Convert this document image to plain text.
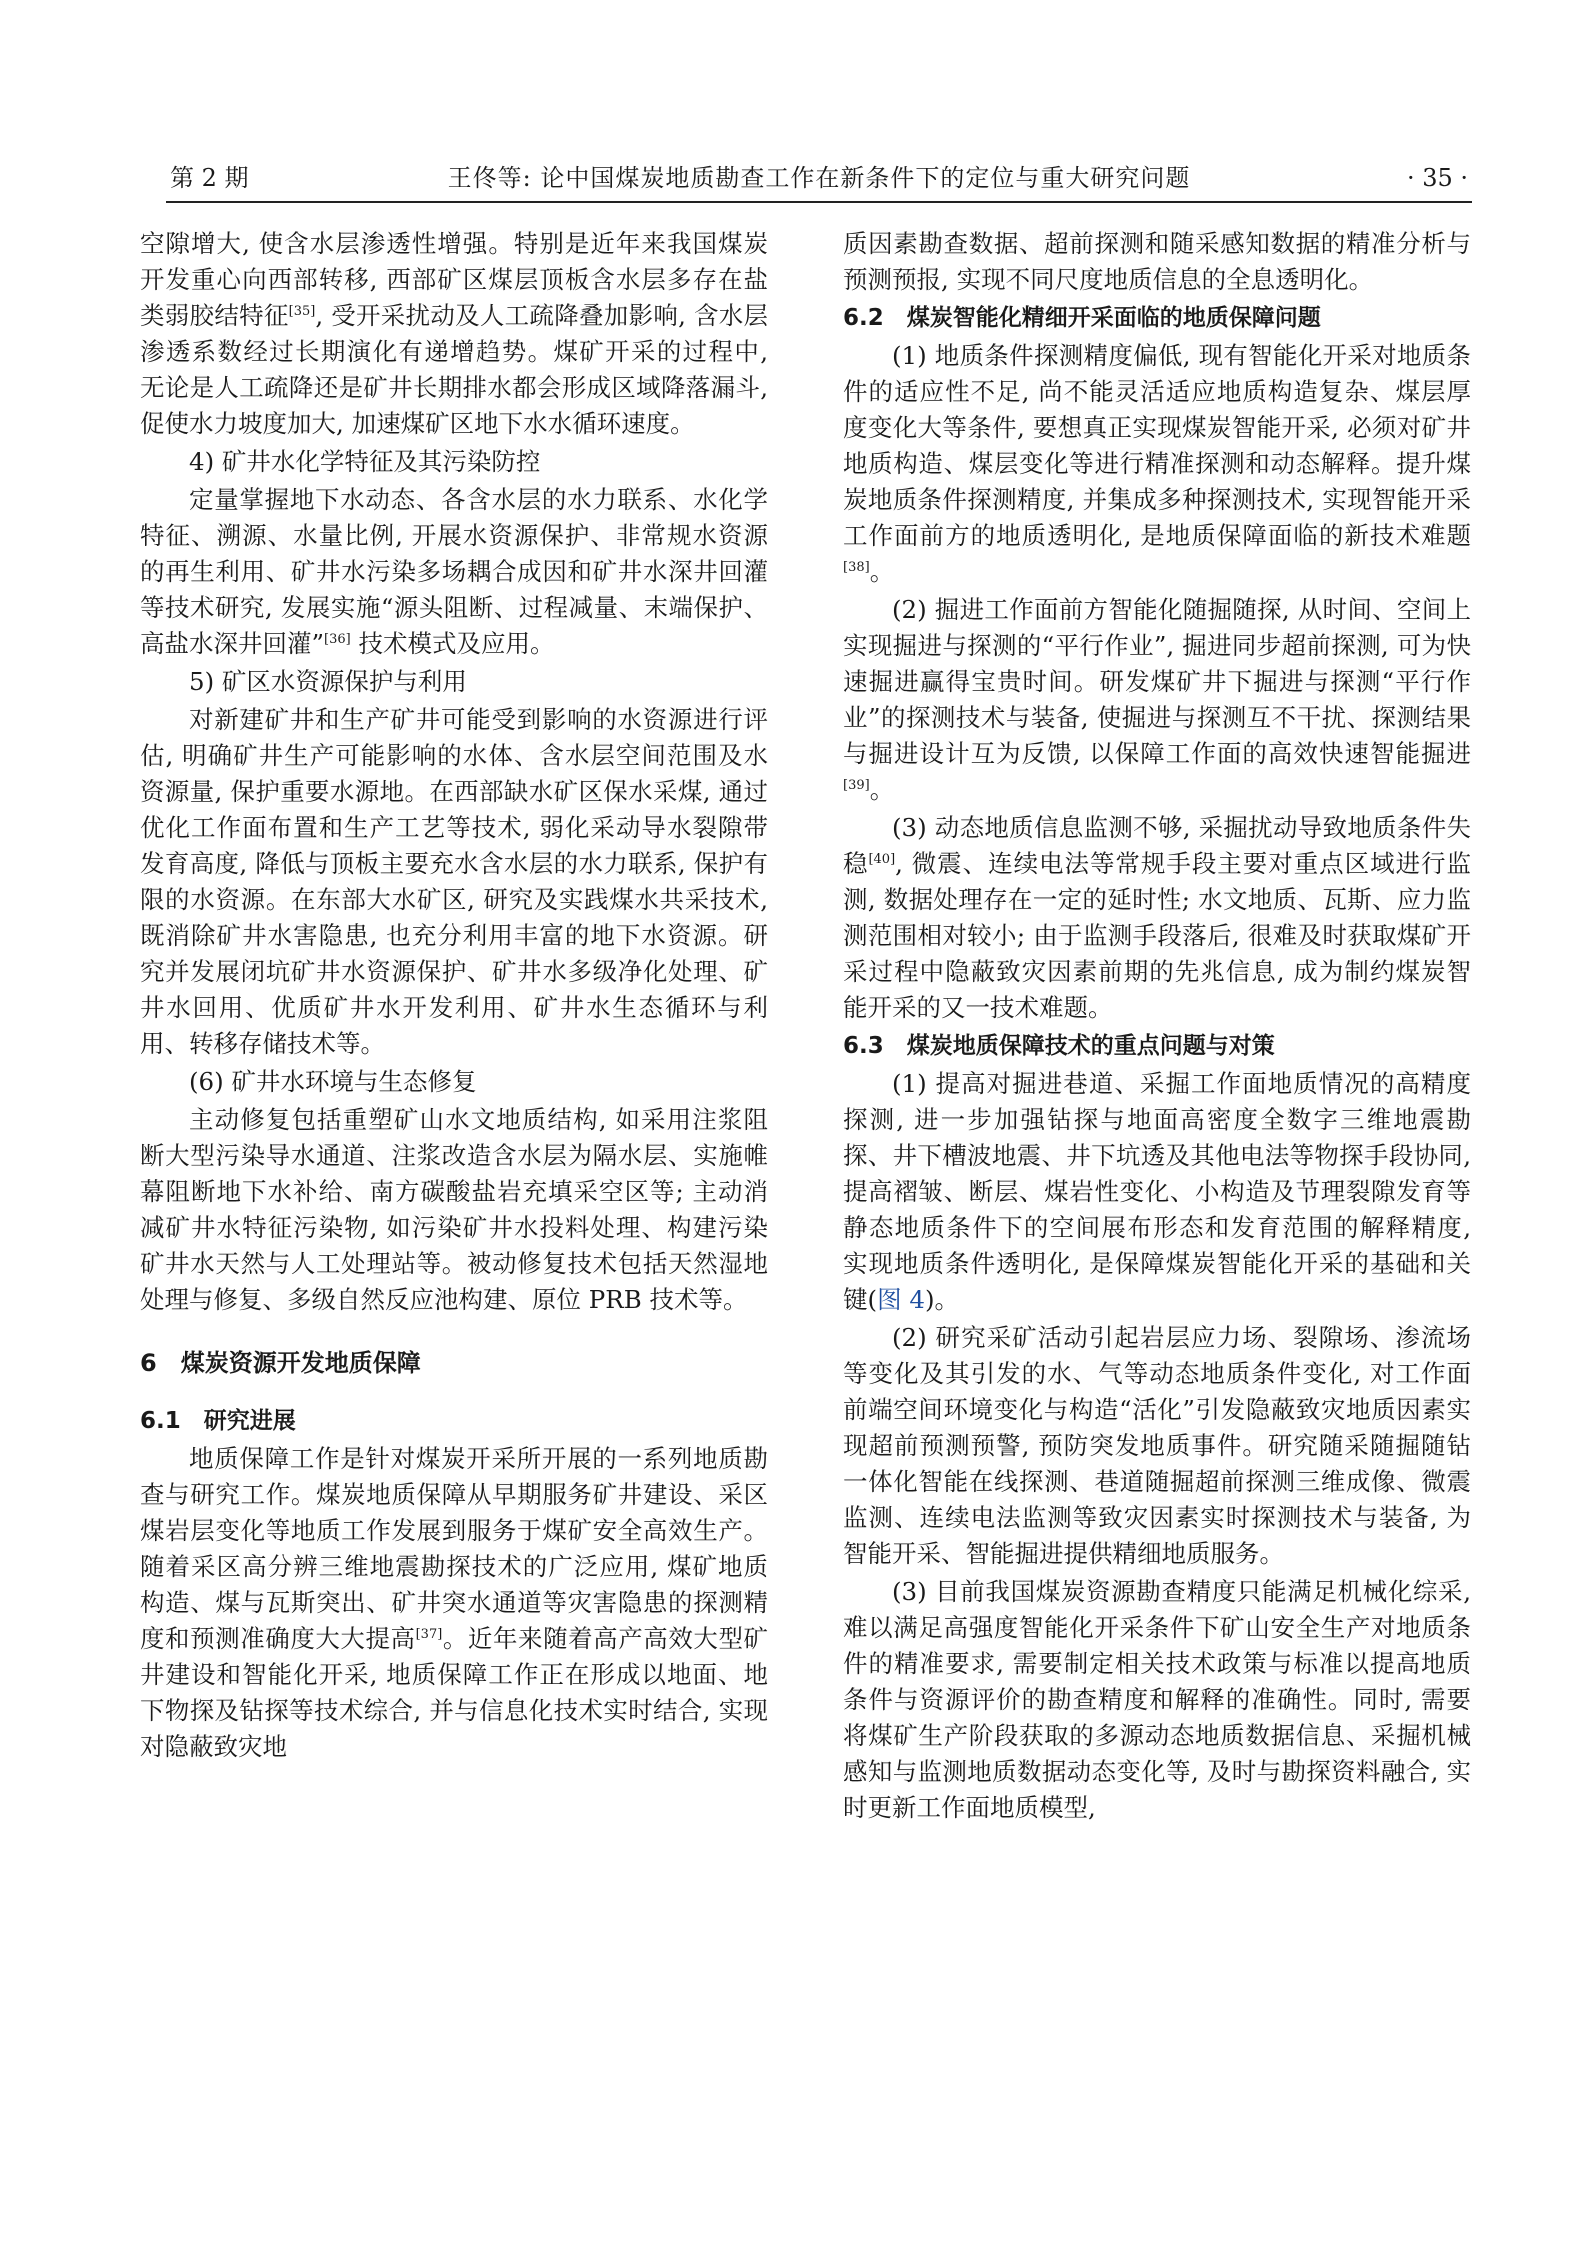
王佟等: 论中国煤炭地质勘查工作在新条件下的定位与重大研究问题
第 2 期	· 35 ·

空隙增大, 使含水层渗透性增强。特别是近年来我国煤炭开发重心向西部转移, 西部矿区煤层顶板含水层多存在盐类弱胶结特征[35], 受开采扰动及人工疏降叠加影响, 含水层渗透系数经过长期演化有递增趋势。煤矿开采的过程中, 无论是人工疏降还是矿井长期排水都会形成区域降落漏斗, 促使水力坡度加大, 加速煤矿区地下水水循环速度。

4) 矿井水化学特征及其污染防控

定量掌握地下水动态、各含水层的水力联系、水化学特征、溯源、水量比例, 开展水资源保护、非常规水资源的再生利用、矿井水污染多场耦合成因和矿井水深井回灌等技术研究, 发展实施“源头阻断、过程减量、末端保护、高盐水深井回灌”[36] 技术模式及应用。

5) 矿区水资源保护与利用

对新建矿井和生产矿井可能受到影响的水资源进行评估, 明确矿井生产可能影响的水体、含水层空间范围及水资源量, 保护重要水源地。在西部缺水矿区保水采煤, 通过优化工作面布置和生产工艺等技术, 弱化采动导水裂隙带发育高度, 降低与顶板主要充水含水层的水力联系, 保护有限的水资源。在东部大水矿区, 研究及实践煤水共采技术, 既消除矿井水害隐患, 也充分利用丰富的地下水资源。研究并发展闭坑矿井水资源保护、矿井水多级净化处理、矿井水回用、优质矿井水开发利用、矿井水生态循环与利用、转移存储技术等。

(6) 矿井水环境与生态修复

主动修复包括重塑矿山水文地质结构, 如采用注浆阻断大型污染导水通道、注浆改造含水层为隔水层、实施帷幕阻断地下水补给、南方碳酸盐岩充填采空区等; 主动消减矿井水特征污染物, 如污染矿井水投料处理、构建污染矿井水天然与人工处理站等。被动修复技术包括天然湿地处理与修复、多级自然反应池构建、原位 PRB 技术等。

6　煤炭资源开发地质保障

6.1　研究进展

地质保障工作是针对煤炭开采所开展的一系列地质勘查与研究工作。煤炭地质保障从早期服务矿井建设、采区煤岩层变化等地质工作发展到服务于煤矿安全高效生产。随着采区高分辨三维地震勘探技术的广泛应用, 煤矿地质构造、煤与瓦斯突出、矿井突水通道等灾害隐患的探测精度和预测准确度大大提高[37]。近年来随着高产高效大型矿井建设和智能化开采, 地质保障工作正在形成以地面、地下物探及钻探等技术综合, 并与信息化技术实时结合, 实现对隐蔽致灾地

质因素勘查数据、超前探测和随采感知数据的精准分析与预测预报, 实现不同尺度地质信息的全息透明化。

6.2　煤炭智能化精细开采面临的地质保障问题

(1) 地质条件探测精度偏低, 现有智能化开采对地质条件的适应性不足, 尚不能灵活适应地质构造复杂、煤层厚度变化大等条件, 要想真正实现煤炭智能开采, 必须对矿井地质构造、煤层变化等进行精准探测和动态解释。提升煤炭地质条件探测精度, 并集成多种探测技术, 实现智能开采工作面前方的地质透明化, 是地质保障面临的新技术难题[38]。

(2) 掘进工作面前方智能化随掘随探, 从时间、空间上实现掘进与探测的“平行作业”, 掘进同步超前探测, 可为快速掘进赢得宝贵时间。研发煤矿井下掘进与探测“平行作业”的探测技术与装备, 使掘进与探测互不干扰、探测结果与掘进设计互为反馈, 以保障工作面的高效快速智能掘进[39]。

(3) 动态地质信息监测不够, 采掘扰动导致地质条件失稳[40], 微震、连续电法等常规手段主要对重点区域进行监测, 数据处理存在一定的延时性; 水文地质、瓦斯、应力监测范围相对较小; 由于监测手段落后, 很难及时获取煤矿开采过程中隐蔽致灾因素前期的先兆信息, 成为制约煤炭智能开采的又一技术难题。

6.3　煤炭地质保障技术的重点问题与对策

(1) 提高对掘进巷道、采掘工作面地质情况的高精度探测, 进一步加强钻探与地面高密度全数字三维地震勘探、井下槽波地震、井下坑透及其他电法等物探手段协同, 提高褶皱、断层、煤岩性变化、小构造及节理裂隙发育等静态地质条件下的空间展布形态和发育范围的解释精度, 实现地质条件透明化, 是保障煤炭智能化开采的基础和关键(图 4)。

(2) 研究采矿活动引起岩层应力场、裂隙场、渗流场等变化及其引发的水、气等动态地质条件变化, 对工作面前端空间环境变化与构造“活化”引发隐蔽致灾地质因素实现超前预测预警, 预防突发地质事件。研究随采随掘随钻一体化智能在线探测、巷道随掘超前探测三维成像、微震监测、连续电法监测等致灾因素实时探测技术与装备, 为智能开采、智能掘进提供精细地质服务。

(3) 目前我国煤炭资源勘查精度只能满足机械化综采, 难以满足高强度智能化开采条件下矿山安全生产对地质条件的精准要求, 需要制定相关技术政策与标准以提高地质条件与资源评价的勘查精度和解释的准确性。同时, 需要将煤矿生产阶段获取的多源动态地质数据信息、采掘机械感知与监测地质数据动态变化等, 及时与勘探资料融合, 实时更新工作面地质模型,
